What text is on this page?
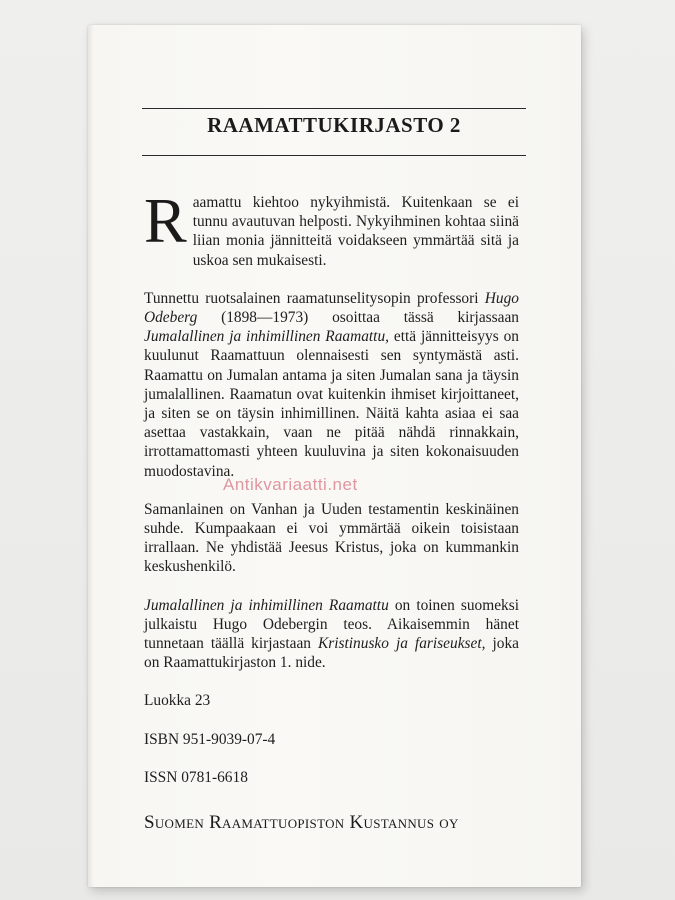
RAAMATTUKIRJASTO 2

Raamattu kiehtoo nykyihmistä. Kuitenkaan se ei tunnu avautuvan helposti. Nykyihminen kohtaa siinä liian monia jännitteitä voidakseen ymmärtää sitä ja uskoa sen mukaisesti.

Tunnettu ruotsalainen raamatunselitysopin professori Hugo Odeberg (1898—1973) osoittaa tässä kirjassaan Jumalallinen ja inhimillinen Raamattu, että jännitteisyys on kuulunut Raamattuun olennaisesti sen syntymästä asti. Raamattu on Jumalan antama ja siten Jumalan sana ja täysin jumalallinen. Raamatun ovat kuitenkin ihmiset kirjoittaneet, ja siten se on täysin inhimillinen. Näitä kahta asiaa ei saa asettaa vastakkain, vaan ne pitää nähdä rinnakkain, irrottamattomasti yhteen kuuluvina ja siten kokonaisuuden muodostavina.

Samanlainen on Vanhan ja Uuden testamentin keskinäinen suhde. Kumpaakaan ei voi ymmärtää oikein toisistaan irrallaan. Ne yhdistää Jeesus Kristus, joka on kummankin keskushenkilö.

Jumalallinen ja inhimillinen Raamattu on toinen suomeksi julkaistu Hugo Odebergin teos. Aikaisemmin hänet tunnetaan täällä kirjastaan Kristinusko ja fariseukset, joka on Raamattukirjaston 1. nide.

Luokka 23

ISBN 951-9039-07-4

ISSN 0781-6618

Suomen Raamattuopiston Kustannus oy
Antikvariaatti.net
